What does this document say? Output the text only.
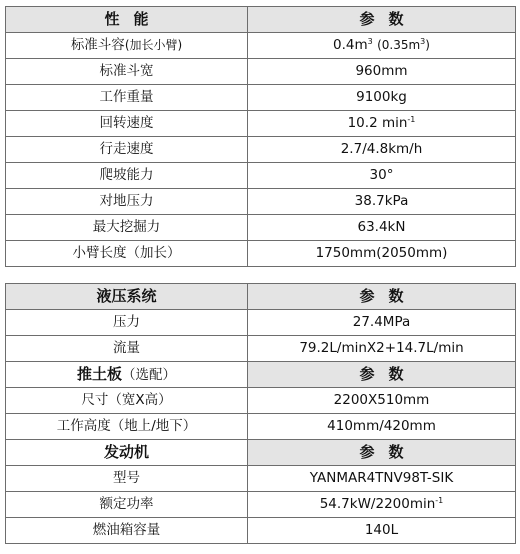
性能	参数
标准斗容(加长小臂)	$0.4m^3$ $(0.35m^3)$
标准斗宽	960mm
工作重量	9100kg
回转速度	10.2 $\min^{-1}$
行走速度	2.7/4.8km/h
爬坡能力	30°
对地压力	38.7kPa
最大挖掘力	63.4kN
小臂长度（加长）	1750mm(2050mm)
液压系统	参数
压力	27.4MPa
流量	79.2L/minX2+14.7L/min
推土板（选配）	参数
尺寸（宽X高）	2200X510mm
工作高度（地上/地下）	410mm/420mm
发动机	参数
型号	YANMAR4TNV98T-SIK
额定功率	$54.7kW/2200\min^{-1}$
燃油箱容量	140L
